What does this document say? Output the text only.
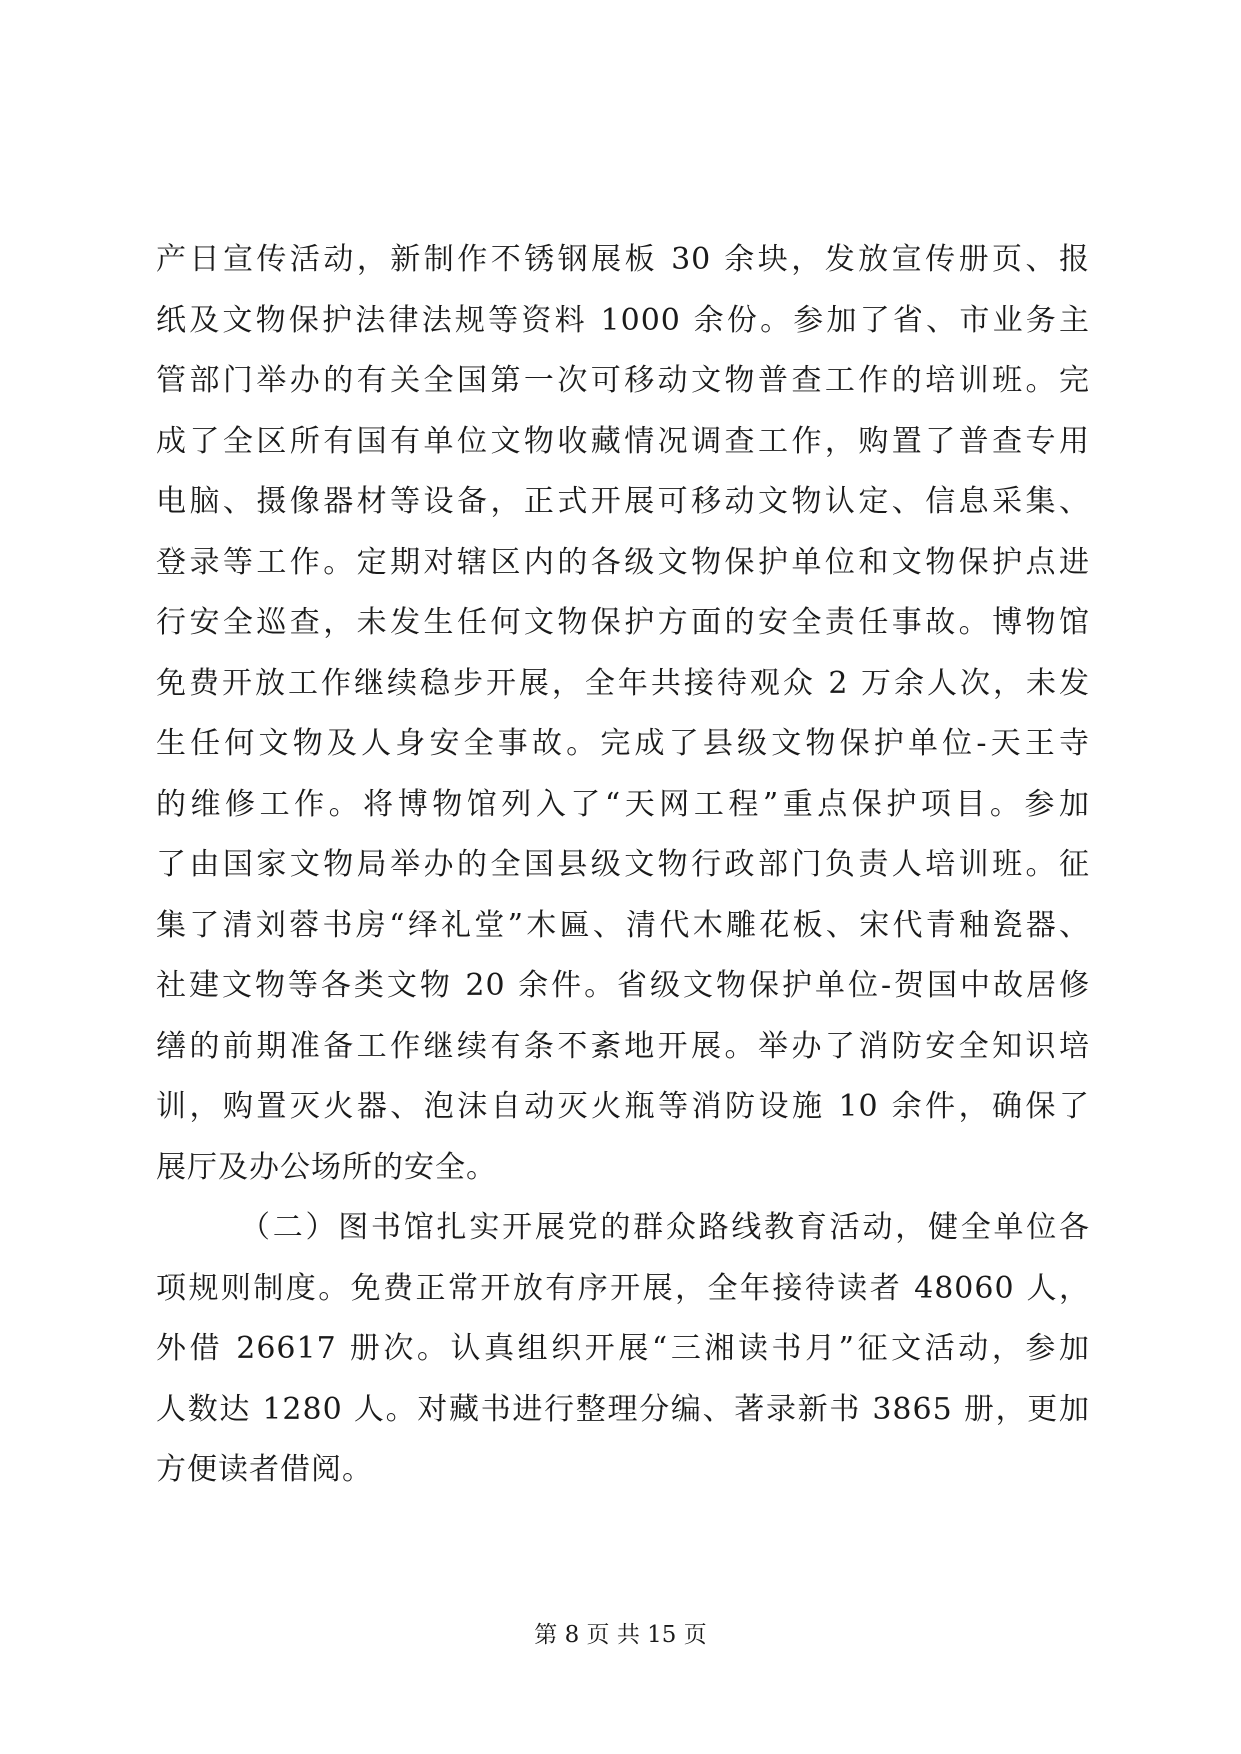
产日宣传活动，新制作不锈钢展板 30 余块，发放宣传册页、报
纸及文物保护法律法规等资料 1000 余份。参加了省、市业务主
管部门举办的有关全国第一次可移动文物普查工作的培训班。完
成了全区所有国有单位文物收藏情况调查工作，购置了普查专用
电脑、摄像器材等设备，正式开展可移动文物认定、信息采集、
登录等工作。定期对辖区内的各级文物保护单位和文物保护点进
行安全巡查，未发生任何文物保护方面的安全责任事故。博物馆
免费开放工作继续稳步开展，全年共接待观众 2 万余人次，未发
生任何文物及人身安全事故。完成了县级文物保护单位-天王寺
的维修工作。将博物馆列入了“天网工程”重点保护项目。参加
了由国家文物局举办的全国县级文物行政部门负责人培训班。征
集了清刘蓉书房“绎礼堂”木匾、清代木雕花板、宋代青釉瓷器、
社建文物等各类文物 20 余件。省级文物保护单位-贺国中故居修
缮的前期准备工作继续有条不紊地开展。举办了消防安全知识培
训，购置灭火器、泡沫自动灭火瓶等消防设施 10 余件，确保了
展厅及办公场所的安全。
（二）图书馆扎实开展党的群众路线教育活动，健全单位各
项规则制度。免费正常开放有序开展，全年接待读者 48060 人，
外借 26617 册次。认真组织开展“三湘读书月”征文活动，参加
人数达 1280 人。对藏书进行整理分编、著录新书 3865 册，更加
方便读者借阅。
第 8 页 共 15 页
